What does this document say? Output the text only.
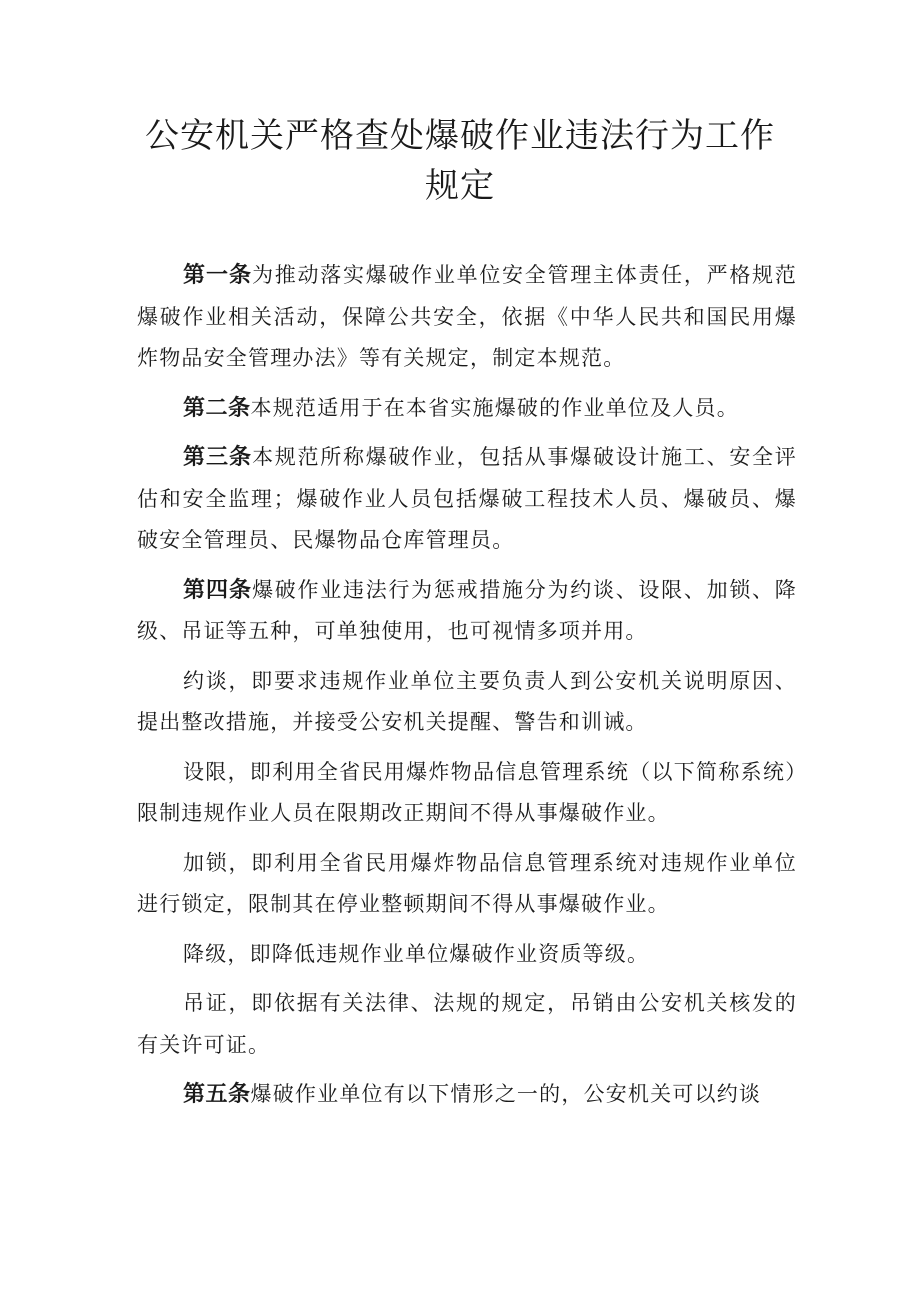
公安机关严格查处爆破作业违法行为工作
规定

第一条为推动落实爆破作业单位安全管理主体责任，严格规范爆破作业相关活动，保障公共安全，依据《中华人民共和国民用爆炸物品安全管理办法》等有关规定，制定本规范。

第二条本规范适用于在本省实施爆破的作业单位及人员。

第三条本规范所称爆破作业，包括从事爆破设计施工、安全评估和安全监理；爆破作业人员包括爆破工程技术人员、爆破员、爆破安全管理员、民爆物品仓库管理员。

第四条爆破作业违法行为惩戒措施分为约谈、设限、加锁、降级、吊证等五种，可单独使用，也可视情多项并用。

约谈，即要求违规作业单位主要负责人到公安机关说明原因、提出整改措施，并接受公安机关提醒、警告和训诫。

设限，即利用全省民用爆炸物品信息管理系统（以下简称系统）限制违规作业人员在限期改正期间不得从事爆破作业。

加锁，即利用全省民用爆炸物品信息管理系统对违规作业单位进行锁定，限制其在停业整顿期间不得从事爆破作业。

降级，即降低违规作业单位爆破作业资质等级。

吊证，即依据有关法律、法规的规定，吊销由公安机关核发的有关许可证。

第五条爆破作业单位有以下情形之一的，公安机关可以约谈
